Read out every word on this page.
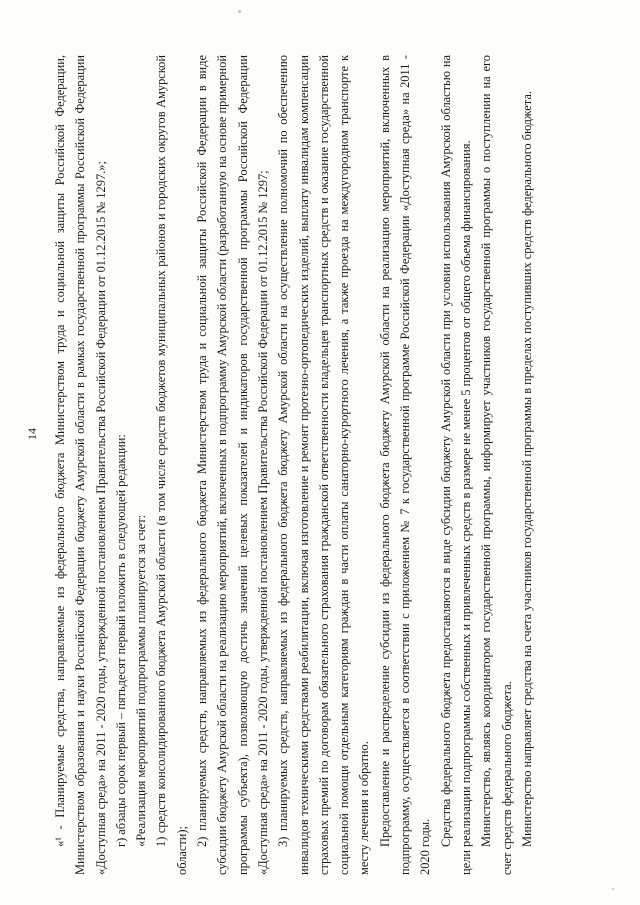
14 «¹ - Планируемые средства, направляемые из федерального бюджета Министерством труда и социальной защиты Российской Федерации, Министерством образования и науки Российской Федерации бюджету Амурской области в рамках государственной программы Российской Федерации «Доступная среда» на 2011 - 2020 годы, утвержденной постановлением Правительства Российской Федерации от 01.12.2015 № 1297.»; г) абзацы сорок первый – пятьдесят первый изложить в следующей редакции: «Реализация мероприятий подпрограммы планируется за счет: 1) средств консолидированного бюджета Амурской области (в том числе средств бюджетов муниципальных районов и городских округов Амурской области);

2) планируемых средств, направляемых из федерального бюджета Министерством труда и социальной защиты Российской Федерации в виде субсидии бюджету Амурской области на реализацию мероприятий, включенных в подпрограмму Амурской области (разработанную на основе примерной программы субъекта), позволяющую достичь значений целевых показателей и индикаторов государственной программы Российской Федерации «Доступная среда» на 2011 - 2020 годы, утвержденной постановлением Правительства Российской Федерации от 01.12.2015 № 1297; 3) планируемых средств, направляемых из федерального бюджета бюджету Амурской области на осуществление полномочий по обеспечению инвалидов техническими средствами реабилитации, включая изготовление и ремонт протезно-ортопедических изделий, выплату инвалидам компенсации страховых премий по договорам обязательного страхования гражданской ответственности владельцев транспортных средств и оказание государственной социальной помощи отдельным категориям граждан в части оплаты санаторно-курортного лечения, а также проезда на междугородном транспорте к месту лечения и обратно. Предоставление и распределение субсидии из федерального бюджета бюджету Амурской области на реализацию мероприятий, включенных в подпрограмму, осуществляется в соответствии с приложением № 7 к государственной программе Российской Федерации «Доступная среда» на 2011 - 2020 годы. Средства федерального бюджета предоставляются в виде субсидии бюджету Амурской области при условии использования Амурской областью на цели реализации подпрограммы собственных и привлеченных средств в размере не менее 5 процентов от общего объема финансирования. Министерство, являясь координатором государственной программы, информирует участников государственной программы о поступлении на его счет средств федерального бюджета. Министерство направляет средства на счета участников государственной программы в пределах поступивших средств федерального бюджета.
